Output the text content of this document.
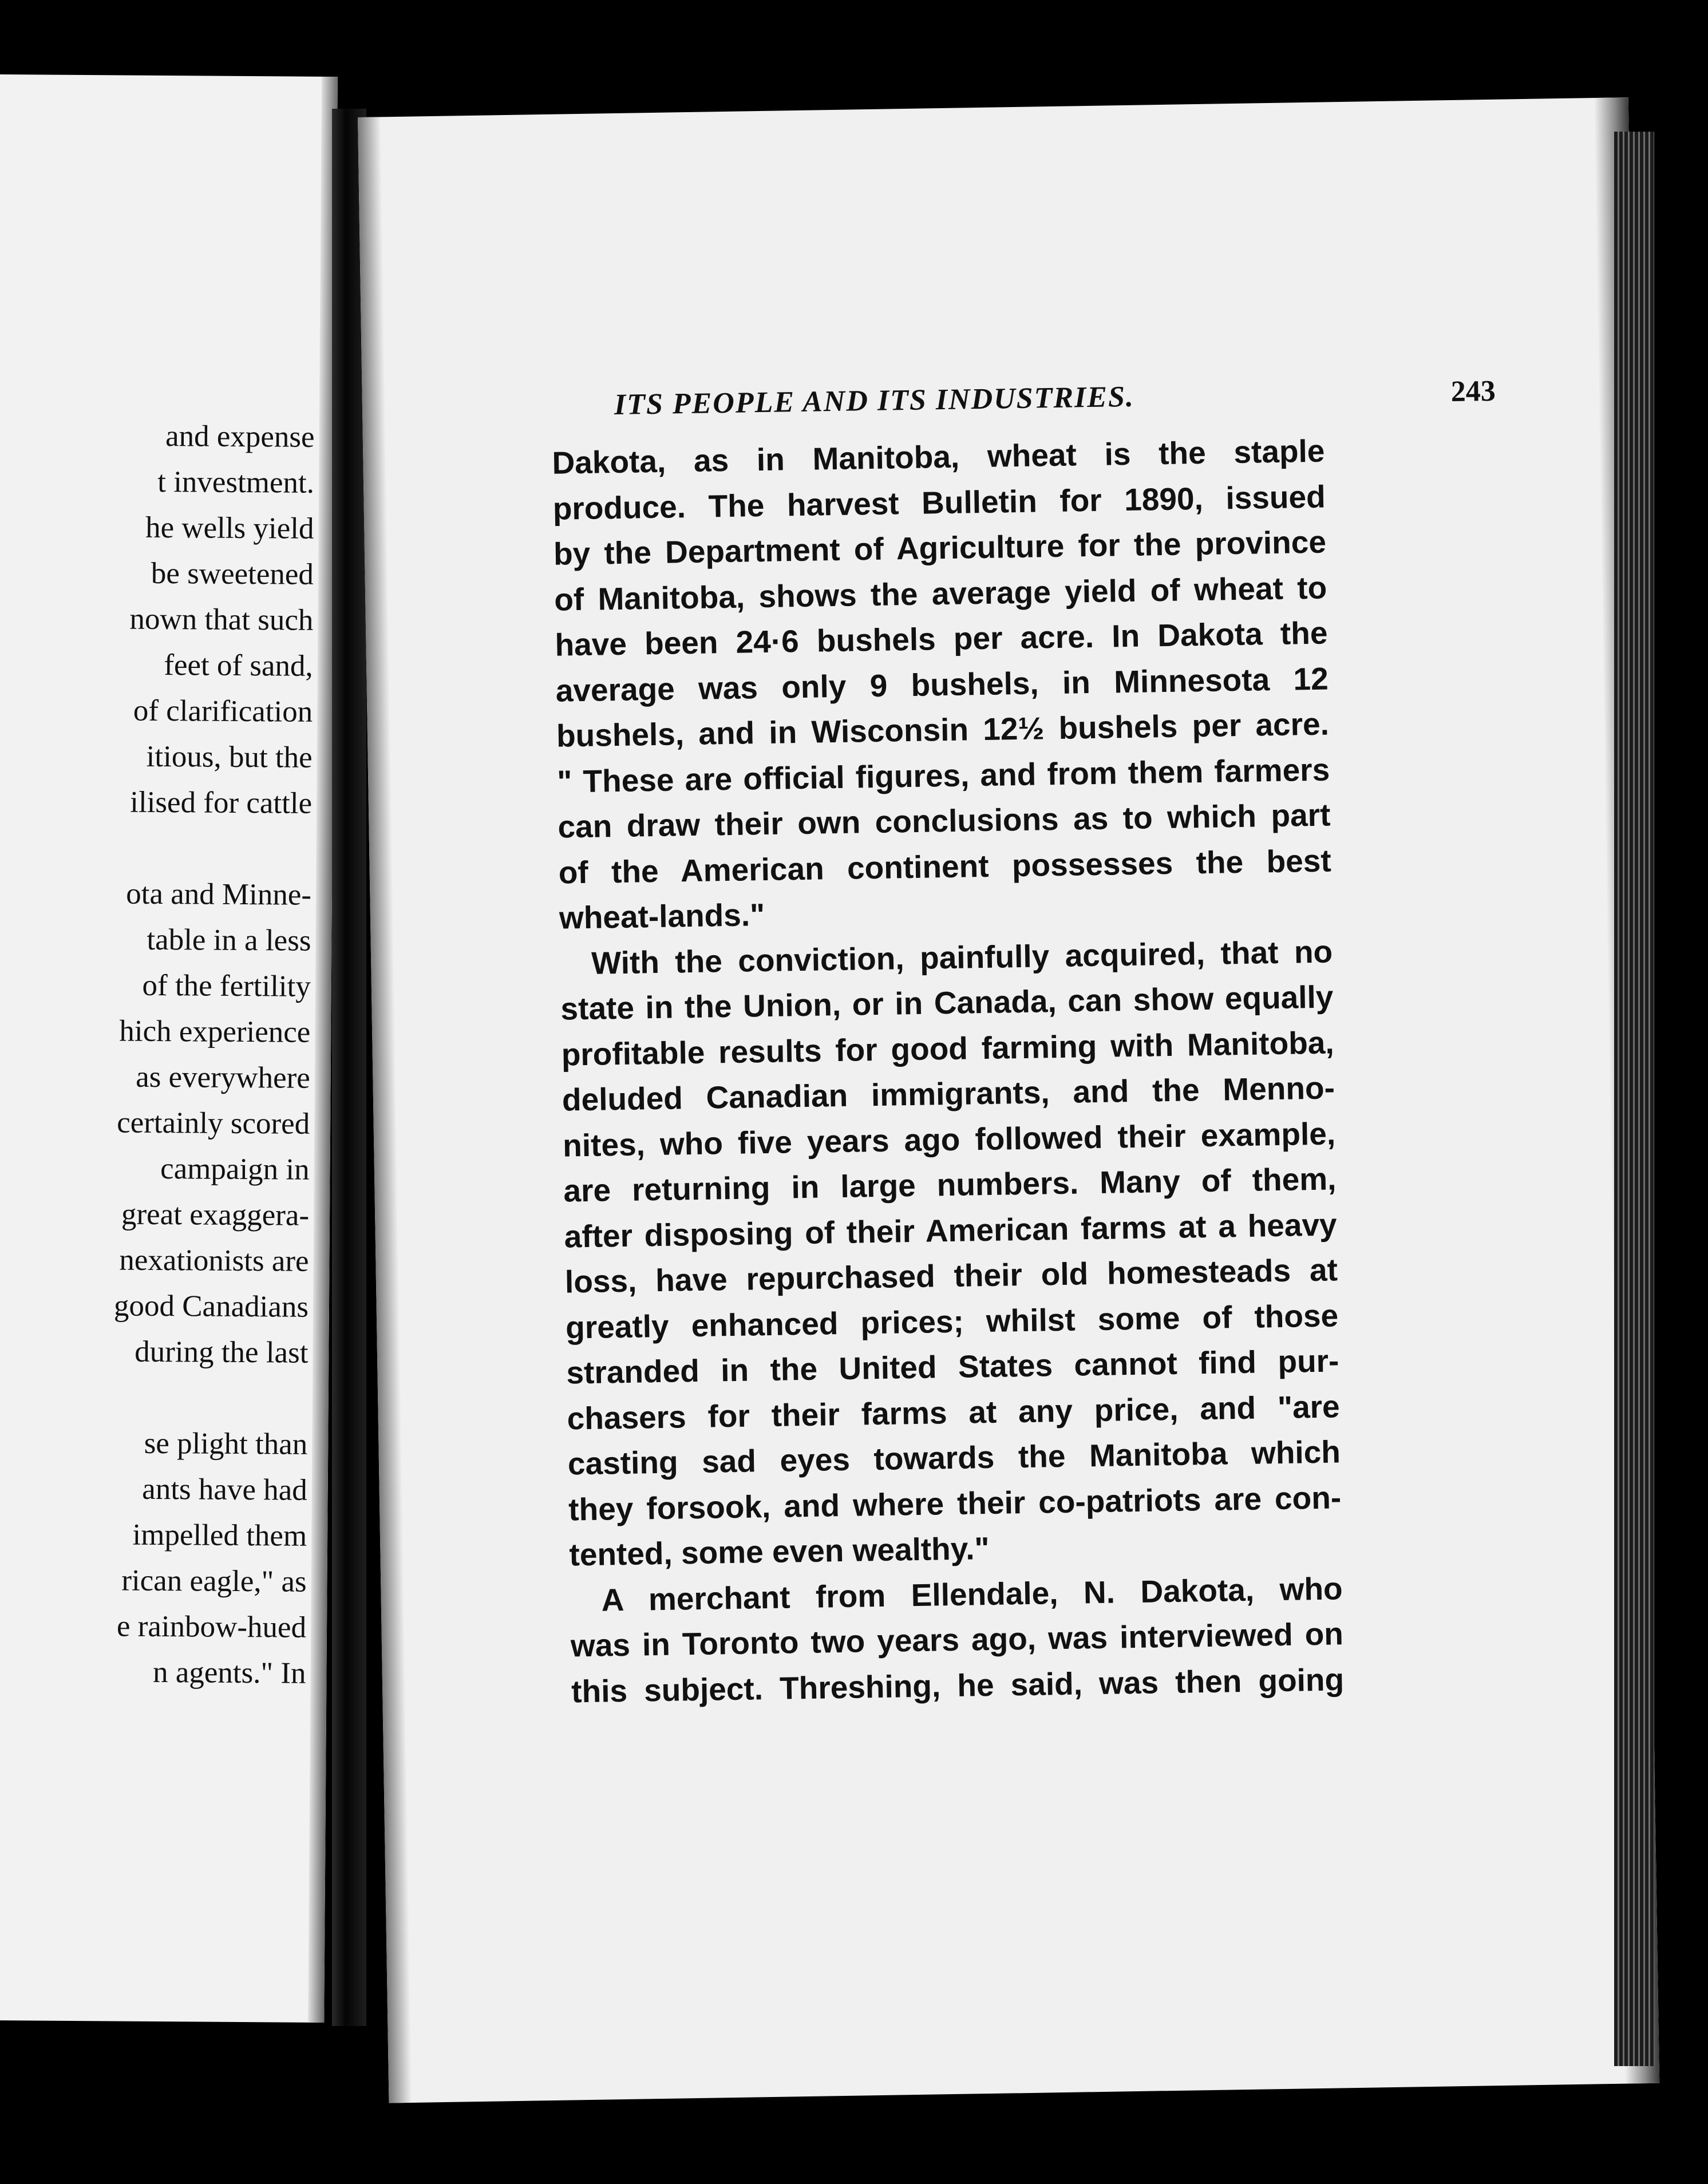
and expense
t investment.
he wells yield
be sweetened
nown that such
feet of sand,
of clarification
itious, but the
ilised for cattle
ota and Minne-
table in a less
of the fertility
hich experience
as everywhere
certainly scored
campaign in
great exaggera-
nexationists are
good Canadians
during the last
se plight than
ants have had
impelled them
rican eagle," as
e rainbow-hued
n agents." In
ITS PEOPLE AND ITS INDUSTRIES.	243
Dakota, as in Manitoba, wheat is the staple
produce. The harvest Bulletin for 1890, issued
by the Department of Agriculture for the province
of Manitoba, shows the average yield of wheat to
have been 24·6 bushels per acre. In Dakota the
average was only 9 bushels, in Minnesota 12
bushels, and in Wisconsin 12½ bushels per acre.
" These are official figures, and from them farmers
can draw their own conclusions as to which part
of the American continent possesses the best
wheat-lands."
With the conviction, painfully acquired, that no
state in the Union, or in Canada, can show equally
profitable results for good farming with Manitoba,
deluded Canadian immigrants, and the Menno-
nites, who five years ago followed their example,
are returning in large numbers. Many of them,
after disposing of their American farms at a heavy
loss, have repurchased their old homesteads at
greatly enhanced prices; whilst some of those
stranded in the United States cannot find pur-
chasers for their farms at any price, and "are
casting sad eyes towards the Manitoba which
they forsook, and where their co-patriots are con-
tented, some even wealthy."
A merchant from Ellendale, N. Dakota, who
was in Toronto two years ago, was interviewed on
this subject. Threshing, he said, was then going
